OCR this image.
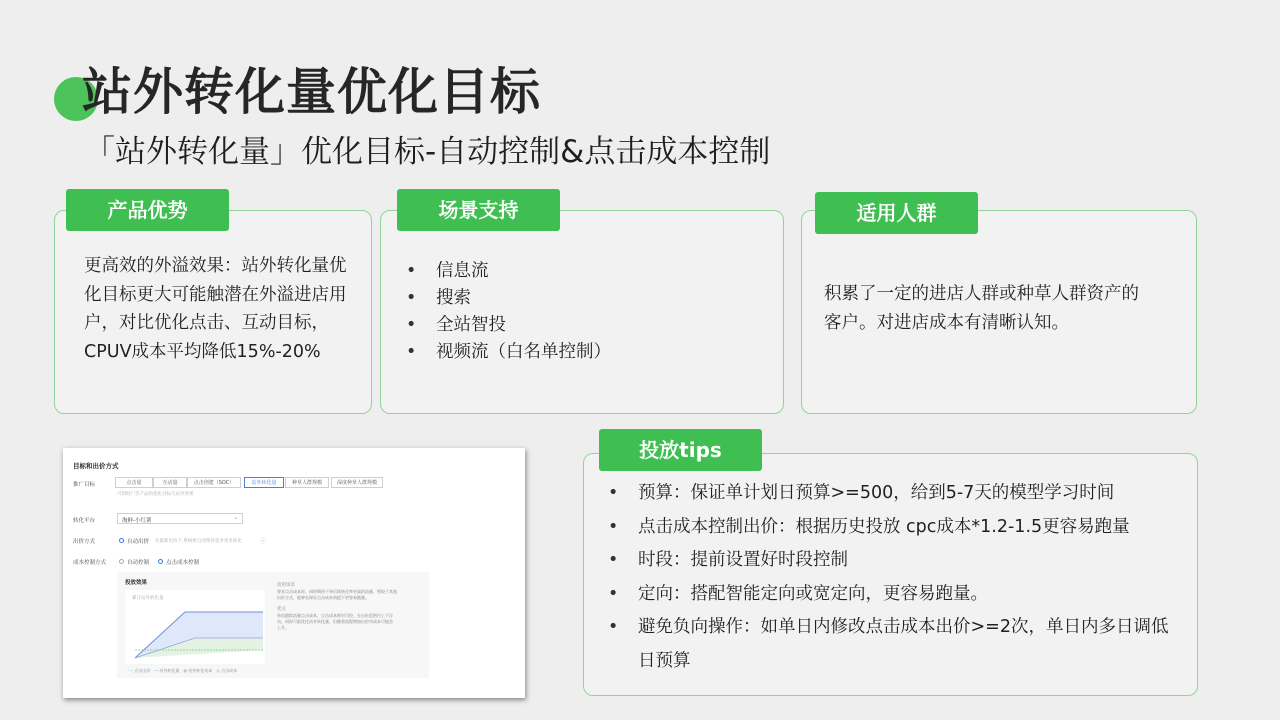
站外转化量优化目标
「站外转化量」优化目标-自动控制&点击成本控制
产品优势
更高效的外溢效果：站外转化量优化目标更大可能触潜在外溢进店用户，对比优化点击、互动目标，CPUV成本平均降低15%-20%
场景支持
• 信息流
• 搜索
• 全站智投
• 视频流（白名单控制）
适用人群
积累了一定的进店人群或种草人群资产的客户。对进店成本有清晰认知。
投放tips
• 预算：保证单计划日预算>=500，给到5-7天的模型学习时间
• 点击成本控制出价：根据历史投放 cpc成本*1.2-1.5更容易跑量
• 时段：提前设置好时段控制
• 定向：搭配智能定向或宽定向，更容易跑量。
• 避免负向操作：如单日内修改点击成本出价>=2次，单日内多日调低日预算
目标和出价方式
推广目标	点击量	互动量	点击创建（SOC）	站外转化量	种草人群规模	深度种草人群规模
可同时广告产品的优化目标与站外效果
转化平台	淘鲜-小红薯	⌄
出价方式	自动出价 在最新出价下,系统将自动帮你竞争更多转化	ⓘ
成本控制方式	自动控制	点击成本控制
投放效果
累计站外转化量
— 点击出价 — 站外转化量 ■ 站外转化成本 ■ 点击成本
适用场景
要求点击成本时，同时期待下单后续转化率更高的流量，相较于其他
出价方式，能够在保证点击成本前提下更容易跑量。
优点
单次跟踪流量点击成本，点击成本相对可控。在出价范围内上下浮
动，同时可最优化站外转化量，但随着流程增加出价对成本可能会
上升。
